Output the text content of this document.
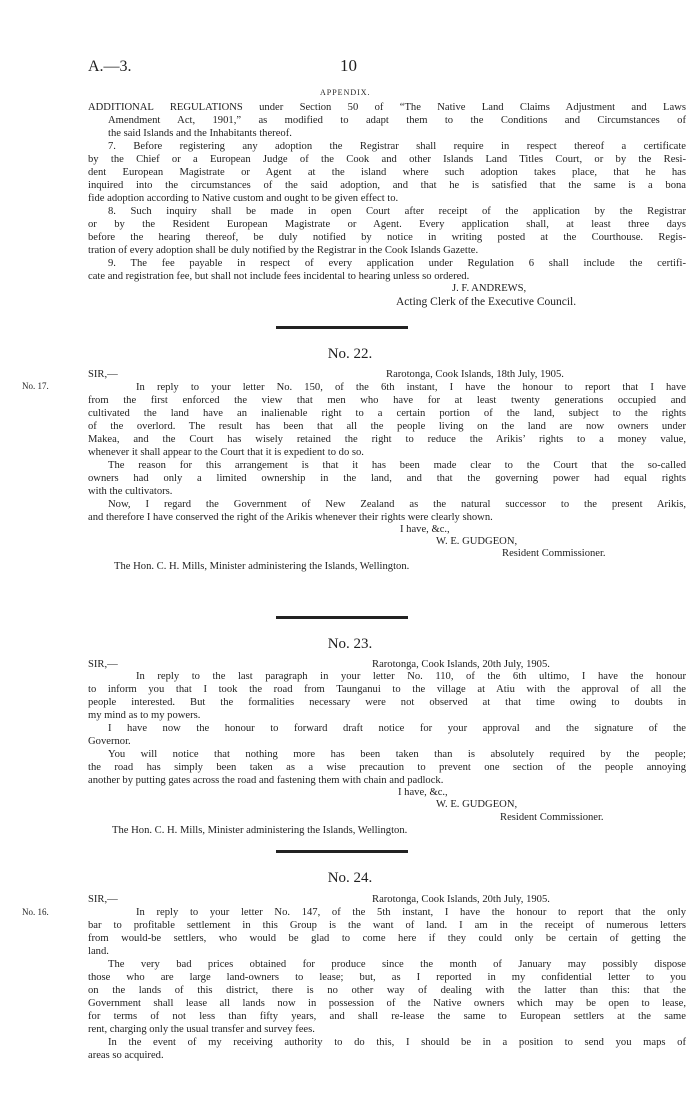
A.—3.	10
APPENDIX.
ADDITIONAL REGULATIONS under Section 50 of “The Native Land Claims Adjustment and Laws
Amendment Act, 1901,” as modified to adapt them to the Conditions and Circumstances of
the said Islands and the Inhabitants thereof.
7. Before registering any adoption the Registrar shall require in respect thereof a certificate
by the Chief or a European Judge of the Cook and other Islands Land Titles Court, or by the Resi-
dent European Magistrate or Agent at the island where such adoption takes place, that he has
inquired into the circumstances of the said adoption, and that he is satisfied that the same is a bona
fide adoption according to Native custom and ought to be given effect to.
8. Such inquiry shall be made in open Court after receipt of the application by the Registrar
or by the Resident European Magistrate or Agent. Every application shall, at least three days
before the hearing thereof, be duly notified by notice in writing posted at the Courthouse. Regis-
tration of every adoption shall be duly notified by the Registrar in the Cook Islands Gazette.
9. The fee payable in respect of every application under Regulation 6 shall include the certifi-
cate and registration fee, but shall not include fees incidental to hearing unless so ordered.
J. F. ANDREWS,
Acting Clerk of the Executive Council.
No. 22.
SIR,—	Rarotonga, Cook Islands, 18th July, 1905.
No. 17.	In reply to your letter No. 150, of the 6th instant, I have the honour to report that I have
from the first enforced the view that men who have for at least twenty generations occupied and
cultivated the land have an inalienable right to a certain portion of the land, subject to the rights
of the overlord. The result has been that all the people living on the land are now owners under
Makea, and the Court has wisely retained the right to reduce the Arikis’ rights to a money value,
whenever it shall appear to the Court that it is expedient to do so.
The reason for this arrangement is that it has been made clear to the Court that the so-called
owners had only a limited ownership in the land, and that the governing power had equal rights
with the cultivators.
Now, I regard the Government of New Zealand as the natural successor to the present Arikis,
and therefore I have conserved the right of the Arikis whenever their rights were clearly shown.
I have, &c.,
W. E. GUDGEON,
Resident Commissioner.
The Hon. C. H. Mills, Minister administering the Islands, Wellington.
No. 23.
SIR,—	Rarotonga, Cook Islands, 20th July, 1905.
In reply to the last paragraph in your letter No. 110, of the 6th ultimo, I have the honour
to inform you that I took the road from Taunganui to the village at Atiu with the approval of all the
people interested. But the formalities necessary were not observed at that time owing to doubts in
my mind as to my powers.
I have now the honour to forward draft notice for your approval and the signature of the
Governor.
You will notice that nothing more has been taken than is absolutely required by the people;
the road has simply been taken as a wise precaution to prevent one section of the people annoying
another by putting gates across the road and fastening them with chain and padlock.
I have, &c.,
W. E. GUDGEON,
Resident Commissioner.
The Hon. C. H. Mills, Minister administering the Islands, Wellington.
No. 24.
SIR,—	Rarotonga, Cook Islands, 20th July, 1905.
No. 16.	In reply to your letter No. 147, of the 5th instant, I have the honour to report that the only
bar to profitable settlement in this Group is the want of land. I am in the receipt of numerous letters
from would-be settlers, who would be glad to come here if they could only be certain of getting the
land.
The very bad prices obtained for produce since the month of January may possibly dispose
those who are large land-owners to lease; but, as I reported in my confidential letter to you
on the lands of this district, there is no other way of dealing with the latter than this: that the
Government shall lease all lands now in possession of the Native owners which may be open to lease,
for terms of not less than fifty years, and shall re-lease the same to European settlers at the same
rent, charging only the usual transfer and survey fees.
In the event of my receiving authority to do this, I should be in a position to send you maps of
areas so acquired.
